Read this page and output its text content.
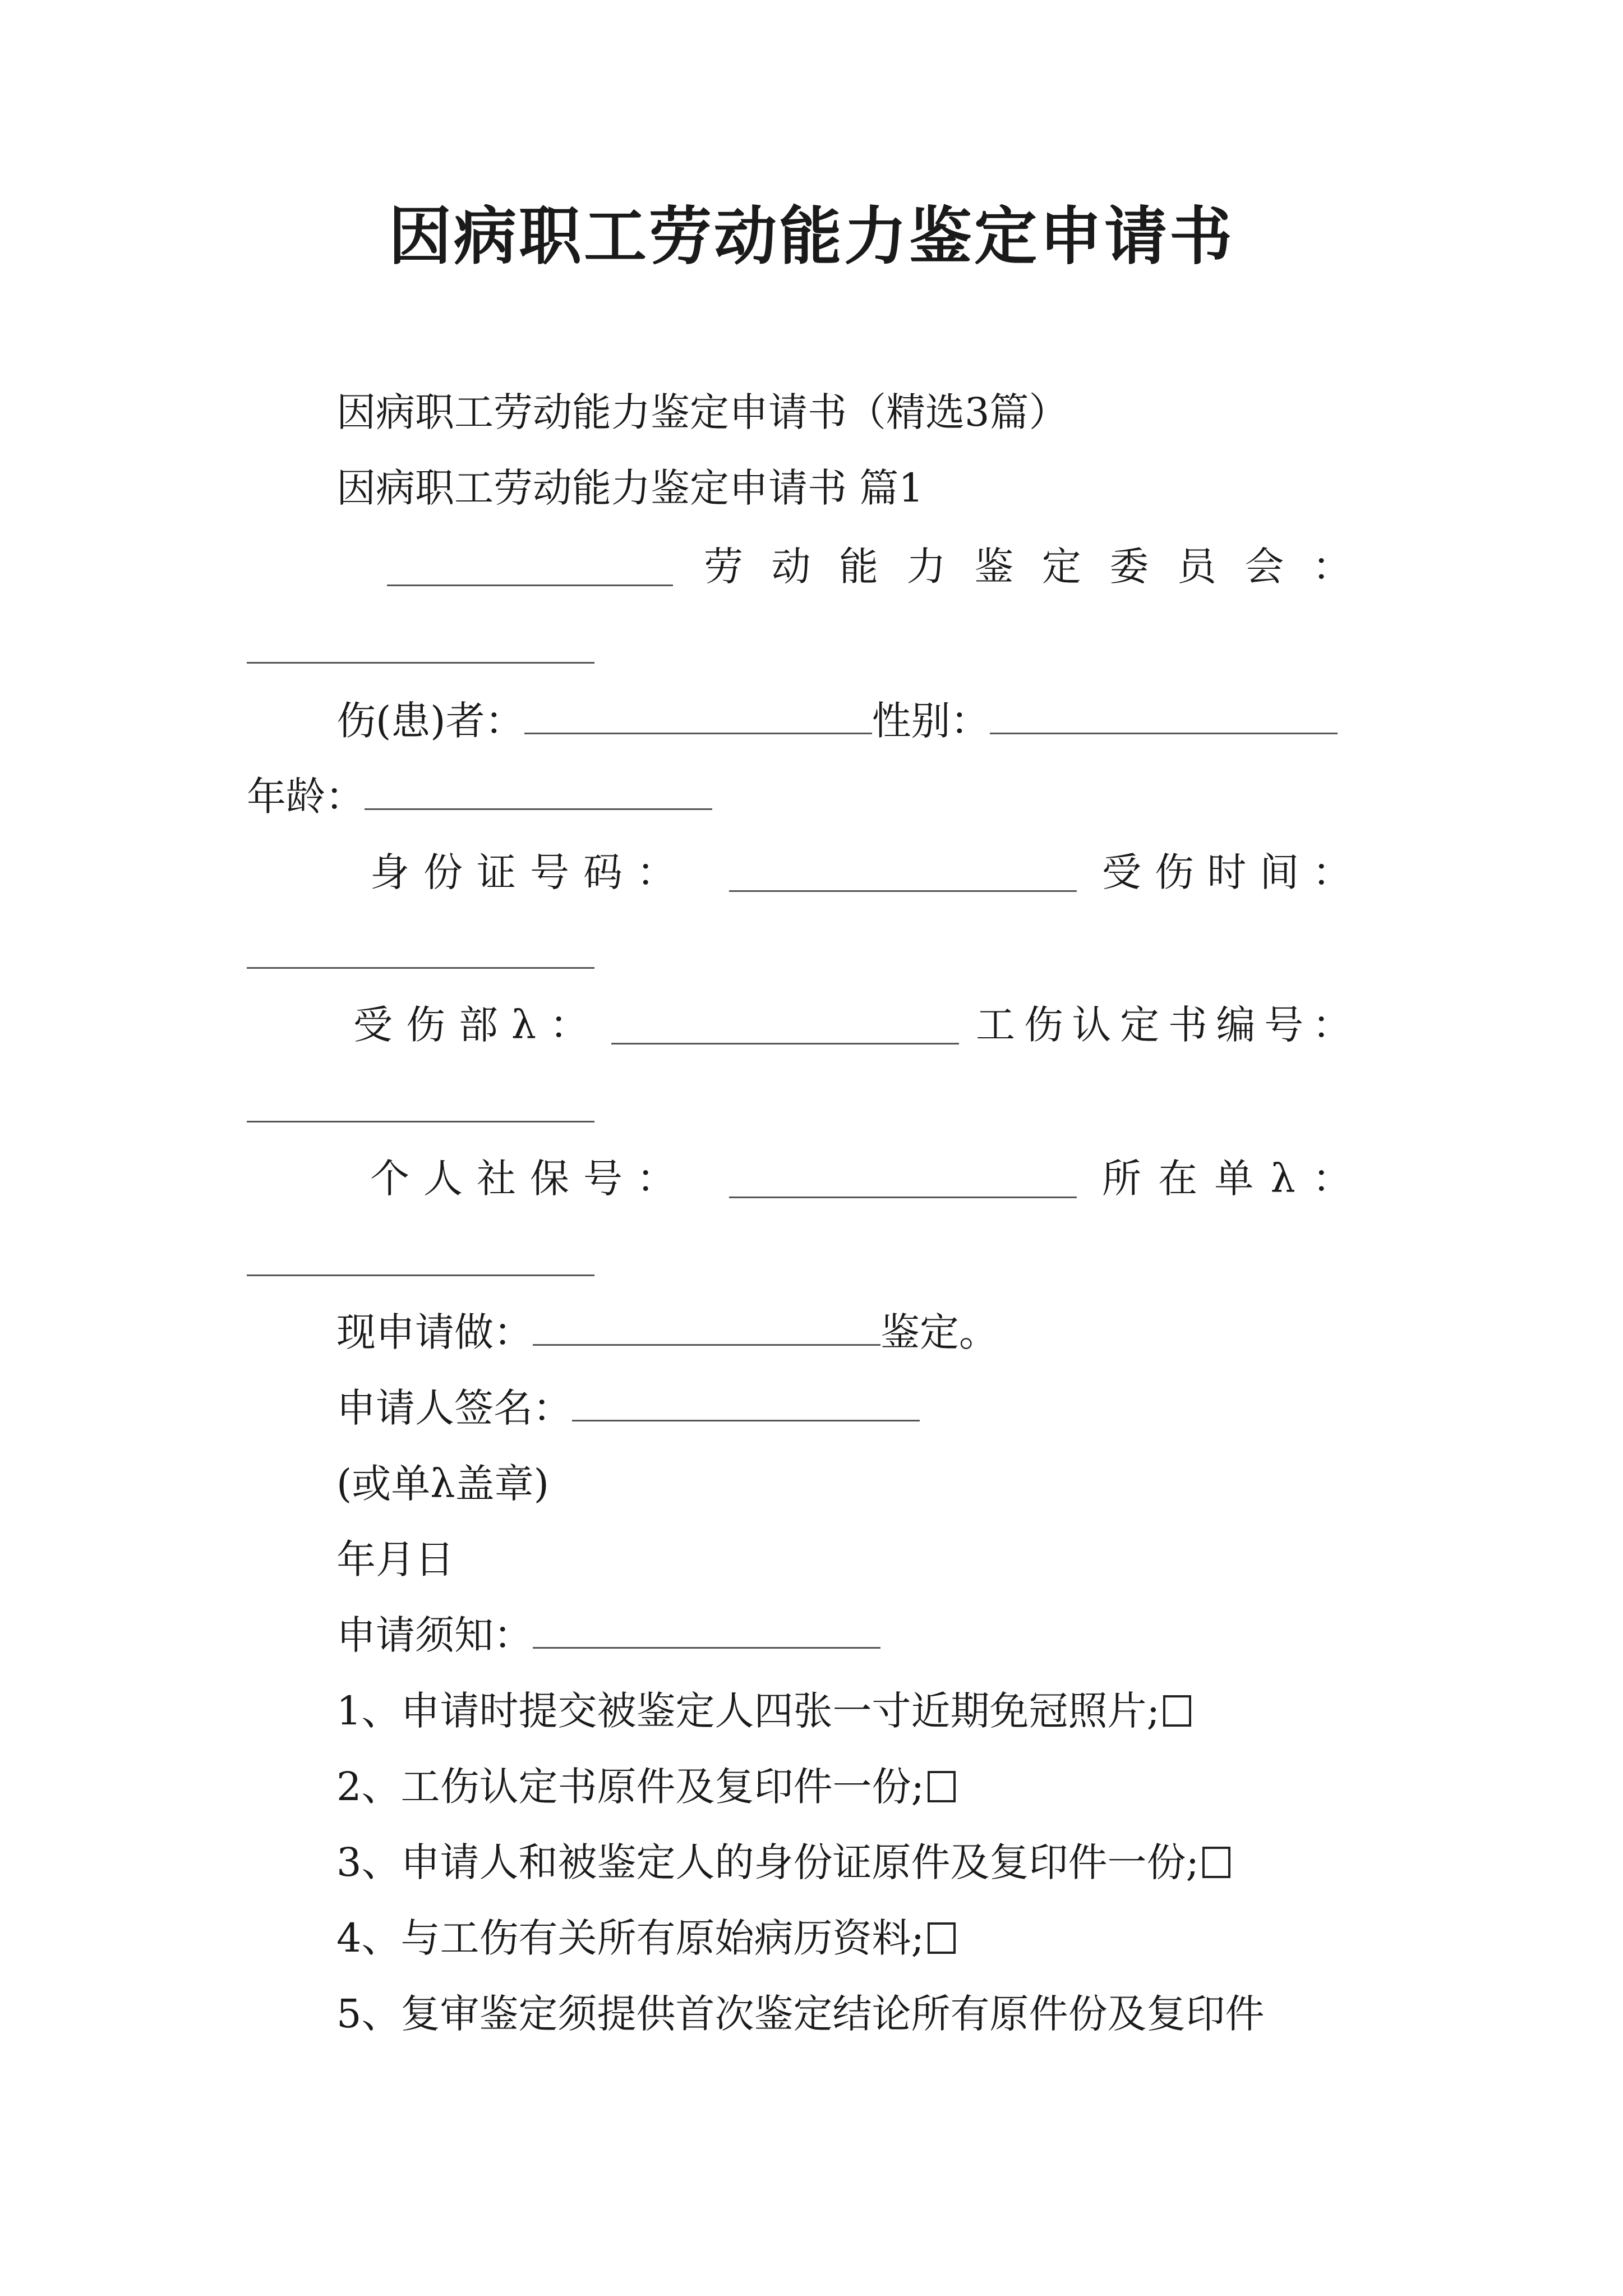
因病职工劳动能力鉴定申请书
因病职工劳动能力鉴定申请书（精选3篇）
因病职工劳动能力鉴定申请书 篇1
劳 动 能 力 鉴 定 委 员 会 ：
伤(患)者：	性别：
年龄：
身 份 证 号 码 ：	受 伤 时 间 ：
受 伤 部 λ ：	工 伤 认 定 书 编 号 ：
个 人 社 保 号 ：	所 在 单 λ ：
现申请做：	鉴定。
申请人签名：
(或单λ盖章)
年月日
申请须知：
1、申请时提交被鉴定人四张一寸近期免冠照片;
2、工伤认定书原件及复印件一份;
3、申请人和被鉴定人的身份证原件及复印件一份;
4、与工伤有关所有原始病历资料;
5、复审鉴定须提供首次鉴定结论所有原件份及复印件
